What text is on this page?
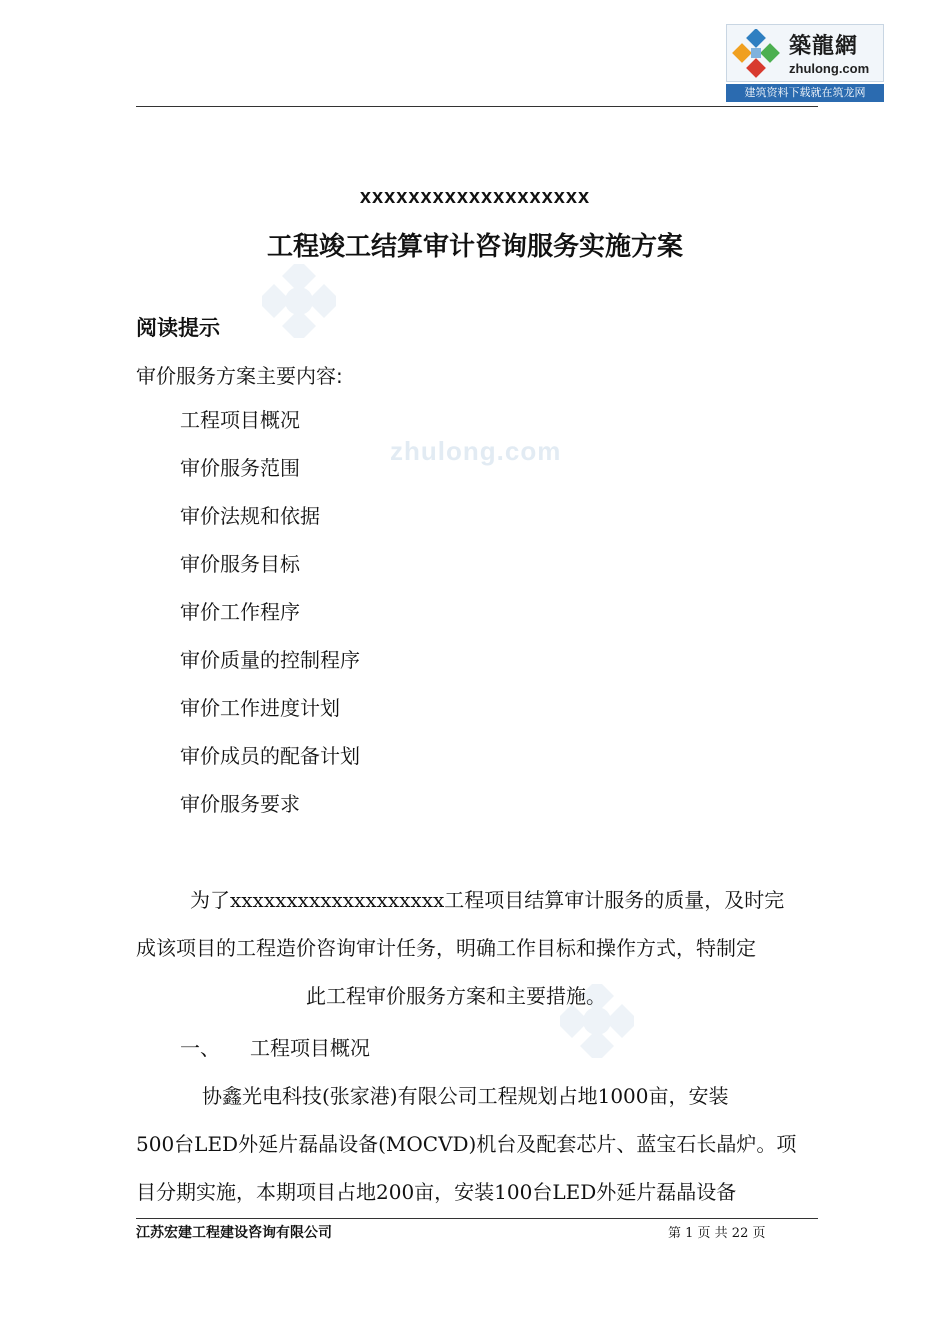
築龍網
zhulong.com
建筑资料下载就在筑龙网
zhulong.com
xxxxxxxxxxxxxxxxxxx
工程竣工结算审计咨询服务实施方案
阅读提示
审价服务方案主要内容:
工程项目概况
审价服务范围
审价法规和依据
审价服务目标
审价工作程序
审价质量的控制程序
审价工作进度计划
审价成员的配备计划
审价服务要求
为了xxxxxxxxxxxxxxxxxxx工程项目结算审计服务的质量，及时完
成该项目的工程造价咨询审计任务，明确工作目标和操作方式，特制定
此工程审价服务方案和主要措施。
一、 工程项目概况
协鑫光电科技(张家港)有限公司工程规划占地1000亩，安装
500台LED外延片磊晶设备(MOCVD)机台及配套芯片、蓝宝石长晶炉。项
目分期实施，本期项目占地200亩，安装100台LED外延片磊晶设备
江苏宏建工程建设咨询有限公司	第 1 页 共 22 页
